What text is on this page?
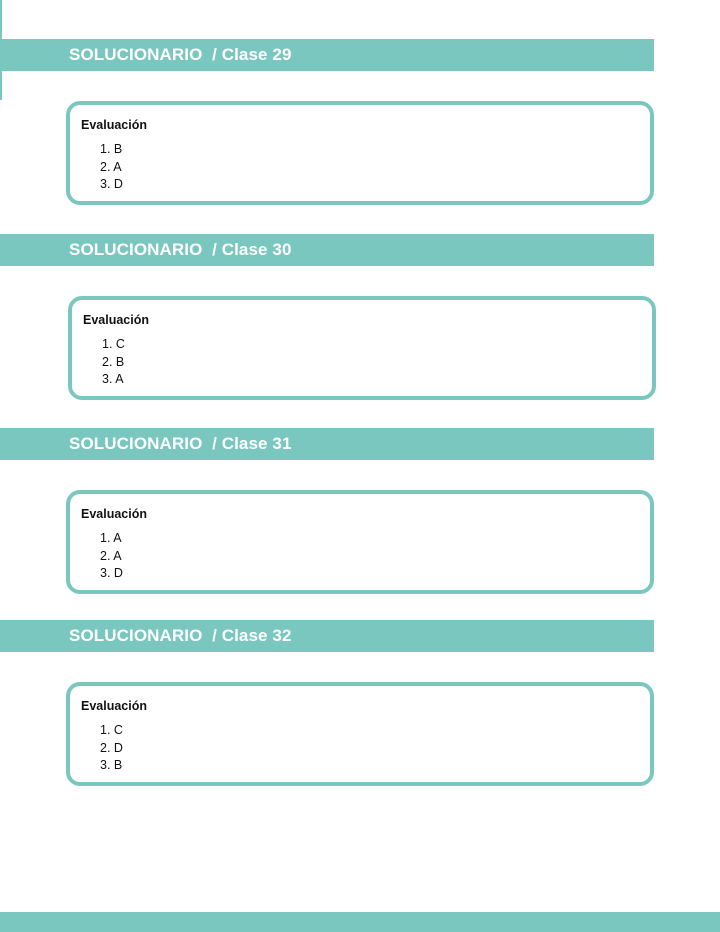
SOLUCIONARIO  / Clase 29
Evaluación
1. B
2. A
3. D
SOLUCIONARIO  / Clase 30
Evaluación
1. C
2. B
3. A
SOLUCIONARIO  / Clase 31
Evaluación
1. A
2. A
3. D
SOLUCIONARIO  / Clase 32
Evaluación
1. C
2. D
3. B
